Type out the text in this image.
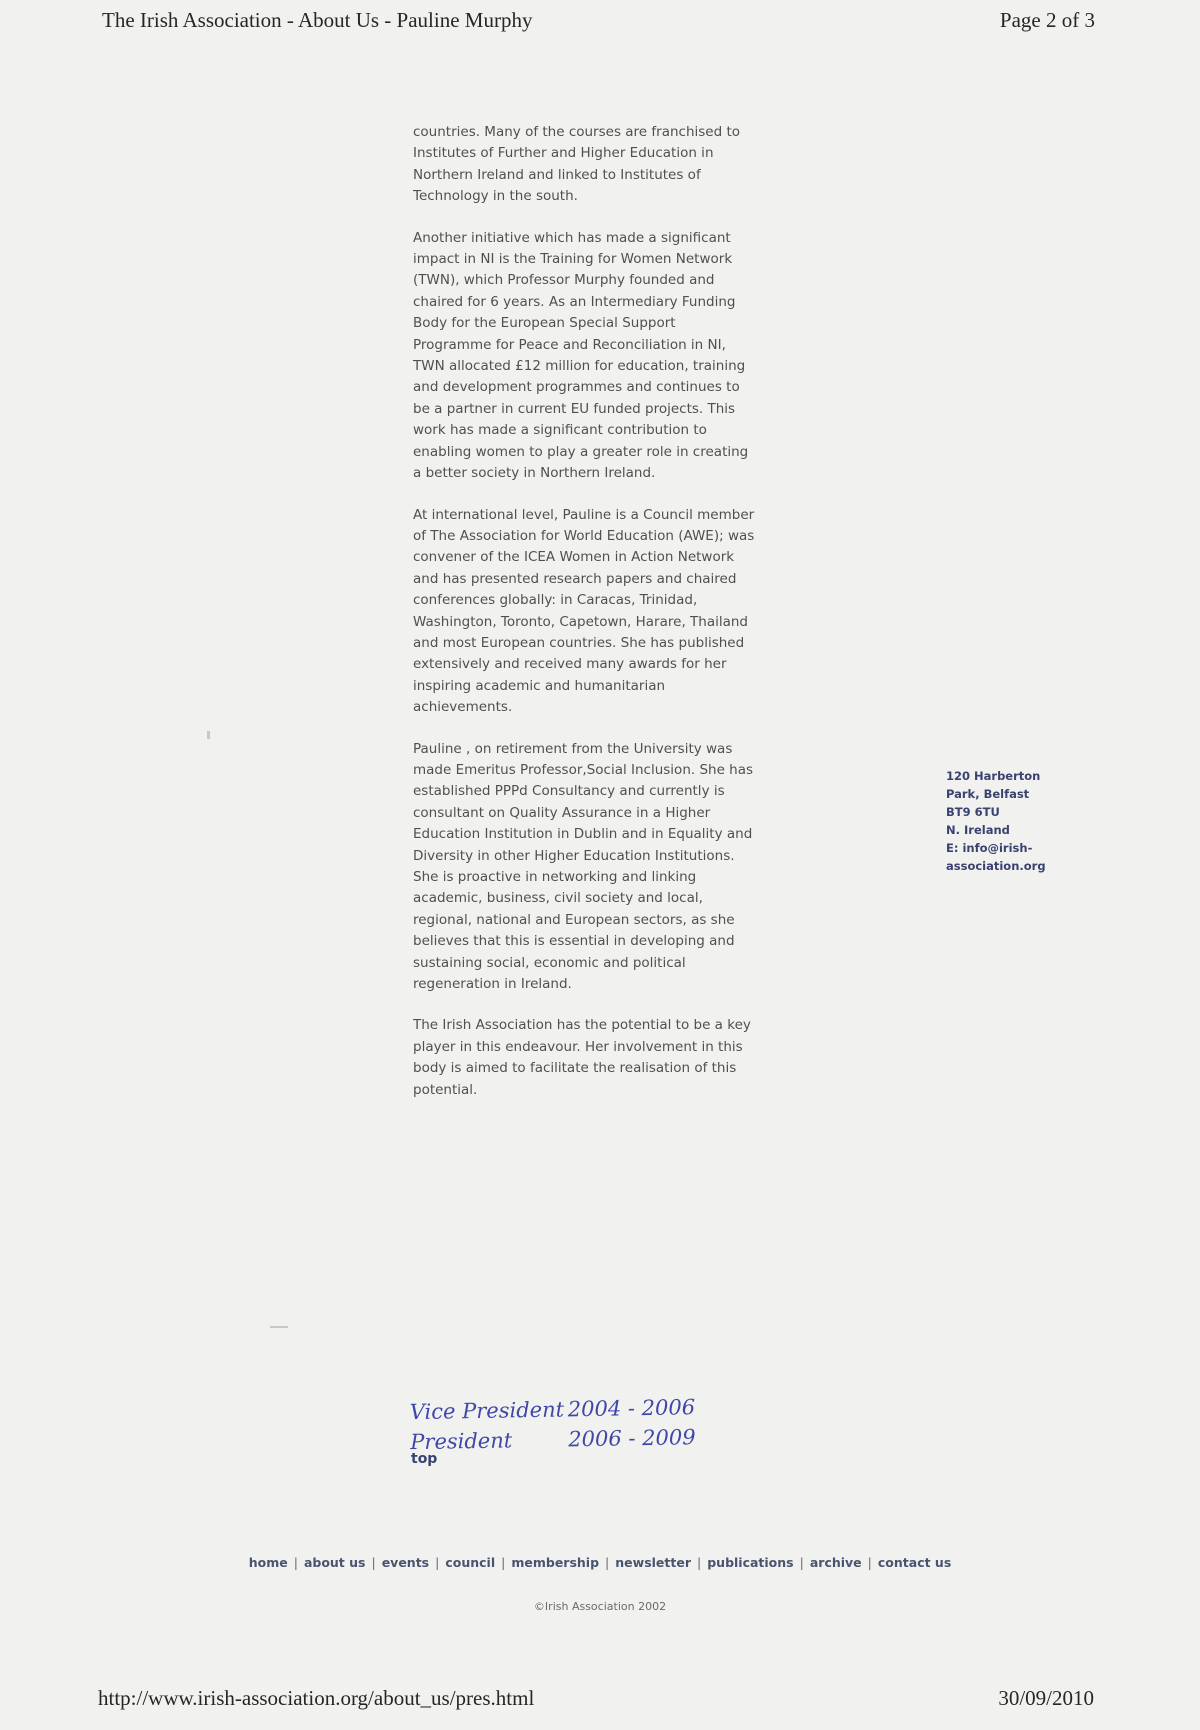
The Irish Association - About Us - Pauline Murphy	Page 2 of 3

countries. Many of the courses are franchised to Institutes of Further and Higher Education in Northern Ireland and linked to Institutes of Technology in the south.

Another initiative which has made a significant impact in NI is the Training for Women Network (TWN), which Professor Murphy founded and chaired for 6 years. As an Intermediary Funding Body for the European Special Support Programme for Peace and Reconciliation in NI, TWN allocated £12 million for education, training and development programmes and continues to be a partner in current EU funded projects. This work has made a significant contribution to enabling women to play a greater role in creating a better society in Northern Ireland.

At international level, Pauline is a Council member of The Association for World Education (AWE); was convener of the ICEA Women in Action Network and has presented research papers and chaired conferences globally: in Caracas, Trinidad, Washington, Toronto, Capetown, Harare, Thailand and most European countries. She has published extensively and received many awards for her inspiring academic and humanitarian achievements.

Pauline , on retirement from the University was made Emeritus Professor,Social Inclusion. She has established PPPd Consultancy and currently is consultant on Quality Assurance in a Higher Education Institution in Dublin and in Equality and Diversity in other Higher Education Institutions. She is proactive in networking and linking academic, business, civil society and local, regional, national and European sectors, as she believes that this is essential in developing and sustaining social, economic and political regeneration in Ireland.

The Irish Association has the potential to be a key player in this endeavour. Her involvement in this body is aimed to facilitate the realisation of this potential.

Vice President 2004 - 2006
President	2006 - 2009
top
120 Harberton
Park, Belfast
BT9 6TU
N. Ireland
E: info@irish-
association.org
home | about us | events | council | membership | newsletter | publications | archive | contact us
©Irish Association 2002
http://www.irish-association.org/about_us/pres.html	30/09/2010
